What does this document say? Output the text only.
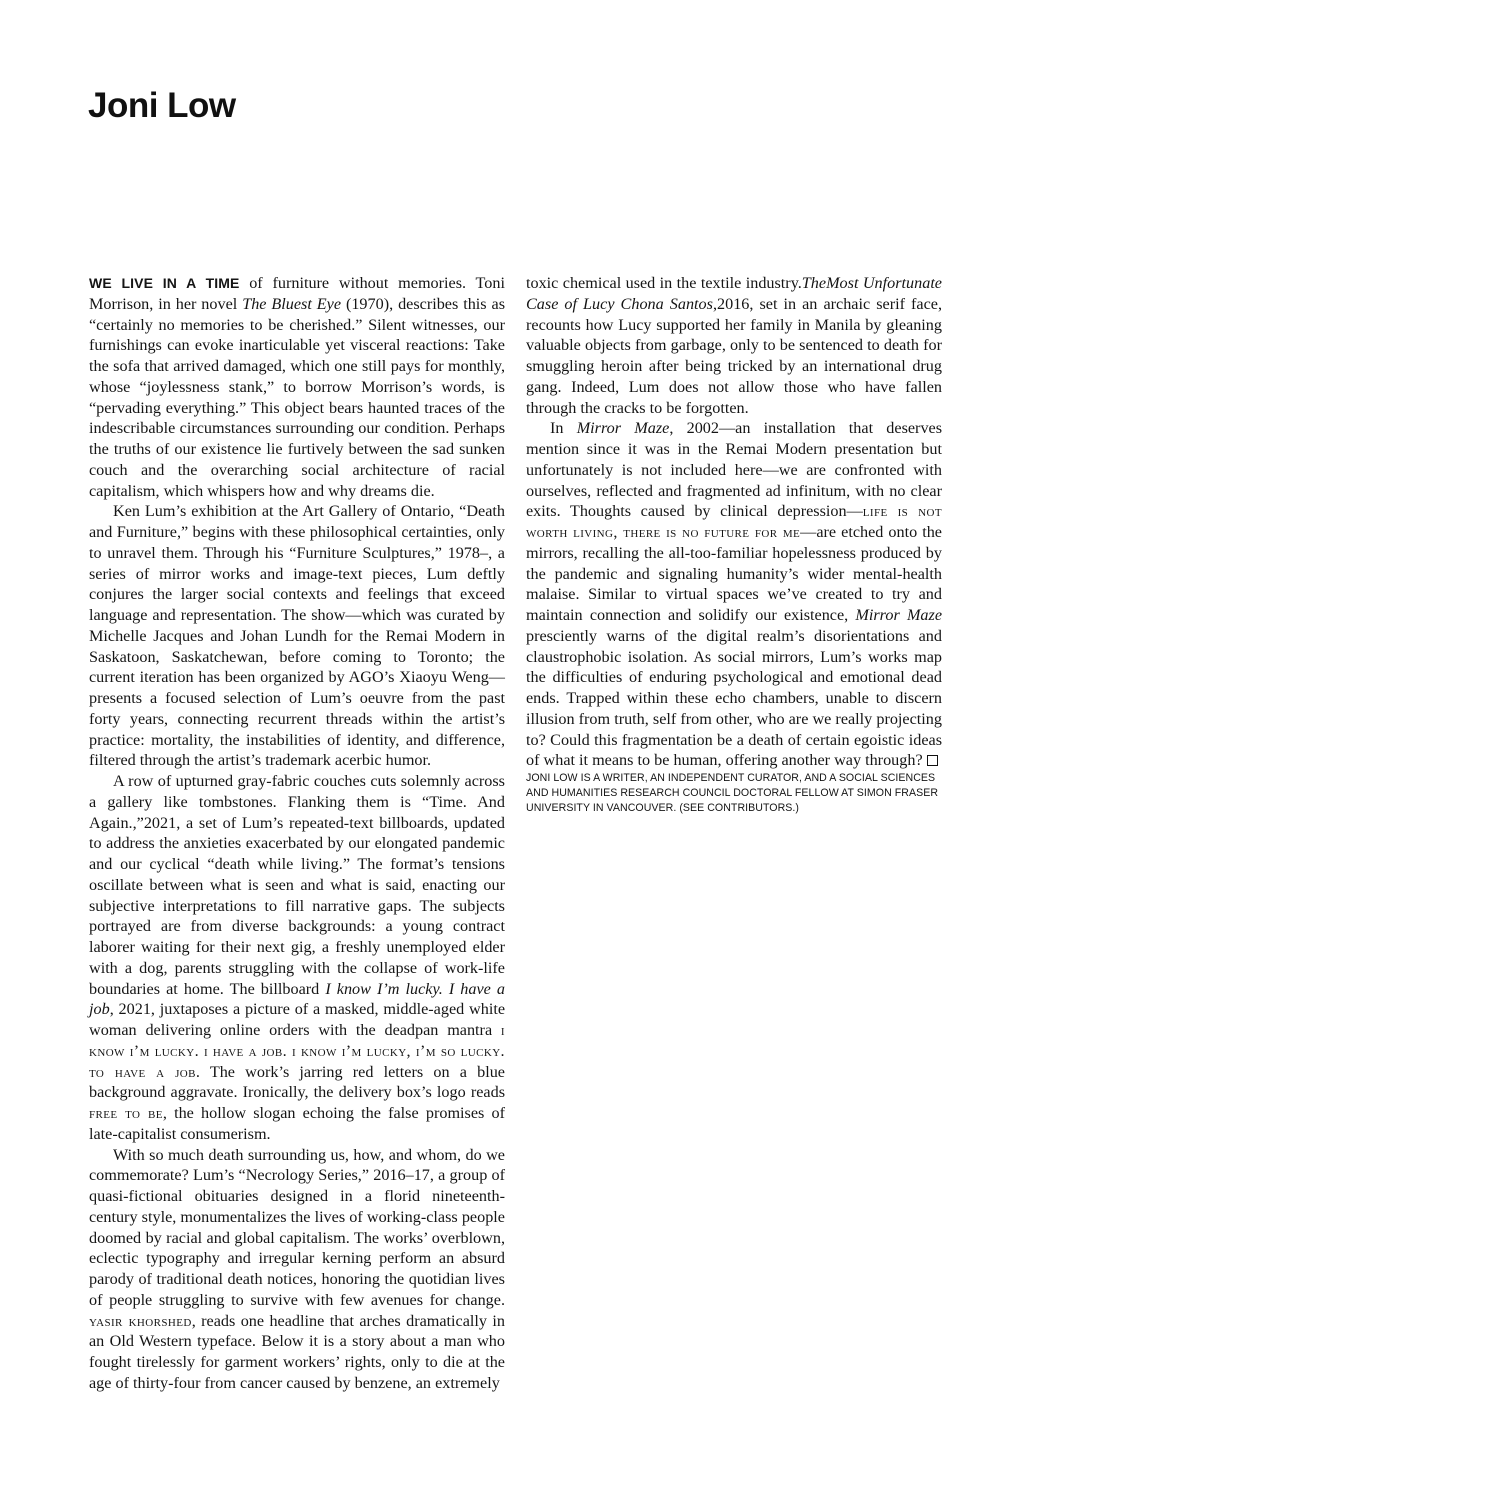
Joni Low

WE LIVE IN A TIME of furniture without memories. Toni Morrison, in her novel The Bluest Eye (1970), describes this as “certainly no memories to be cherished.” Silent witnesses, our furnishings can evoke inarticulable yet visceral reactions: Take the sofa that arrived damaged, which one still pays for monthly, whose “joylessness stank,” to borrow Morrison’s words, is “pervading everything.” This object bears haunted traces of the indescribable circumstances surrounding our condition. Perhaps the truths of our existence lie furtively between the sad sunken couch and the overarching social architecture of racial capitalism, which whispers how and why dreams die.

Ken Lum’s exhibition at the Art Gallery of Ontario, “Death and Furniture,” begins with these philosophical certainties, only to unravel them. Through his “Furniture Sculptures,” 1978–, a series of mirror works and image-text pieces, Lum deftly conjures the larger social contexts and feelings that exceed language and representation. The show—which was curated by Michelle Jacques and Johan Lundh for the Remai Modern in Saskatoon, Saskatchewan, before coming to Toronto; the current iteration has been organized by AGO’s Xiaoyu Weng—presents a focused selection of Lum’s oeuvre from the past forty years, connecting recurrent threads within the artist’s practice: mortality, the instabilities of identity, and difference, filtered through the artist’s trademark acerbic humor.

A row of upturned gray-fabric couches cuts solemnly across a gallery like tombstones. Flanking them is “Time. And Again.,”2021, a set of Lum’s repeated-text billboards, updated to address the anxieties exacerbated by our elongated pandemic and our cyclical “death while living.” The format’s tensions oscillate between what is seen and what is said, enacting our subjective interpretations to fill narrative gaps. The subjects portrayed are from diverse backgrounds: a young contract laborer waiting for their next gig, a freshly unemployed elder with a dog, parents struggling with the collapse of work-life boundaries at home. The billboard I know I’m lucky. I have a job, 2021, juxtaposes a picture of a masked, middle-aged white woman delivering online orders with the deadpan mantra i know i’m lucky. i have a job. i know i’m lucky, i’m so lucky. to have a job. The work’s jarring red letters on a blue background aggravate. Ironically, the delivery box’s logo reads free to be, the hollow slogan echoing the false promises of late-capitalist consumerism.

With so much death surrounding us, how, and whom, do we commemorate? Lum’s “Necrology Series,” 2016–17, a group of quasi-fictional obituaries designed in a florid nineteenth-century style, monumentalizes the lives of working-class people doomed by racial and global capitalism. The works’ overblown, eclectic typography and irregular kerning perform an absurd parody of traditional death notices, honoring the quotidian lives of people struggling to survive with few avenues for change. yasir khorshed, reads one headline that arches dramatically in an Old Western typeface. Below it is a story about a man who fought tirelessly for garment workers’ rights, only to die at the age of thirty-four from cancer caused by benzene, an extremely

toxic chemical used in the textile industry.TheMost Unfortunate Case of Lucy Chona Santos,2016, set in an archaic serif face, recounts how Lucy supported her family in Manila by gleaning valuable objects from garbage, only to be sentenced to death for smuggling heroin after being tricked by an international drug gang. Indeed, Lum does not allow those who have fallen through the cracks to be forgotten.

In Mirror Maze, 2002—an installation that deserves mention since it was in the Remai Modern presentation but unfortunately is not included here—we are confronted with ourselves, reflected and fragmented ad infinitum, with no clear exits. Thoughts caused by clinical depression—life is not worth living, there is no future for me—are etched onto the mirrors, recalling the all-too-familiar hopelessness produced by the pandemic and signaling humanity’s wider mental-health malaise. Similar to virtual spaces we’ve created to try and maintain connection and solidify our existence, Mirror Maze presciently warns of the digital realm’s disorientations and claustrophobic isolation. As social mirrors, Lum’s works map the difficulties of enduring psychological and emotional dead ends. Trapped within these echo chambers, unable to discern illusion from truth, self from other, who are we really projecting to? Could this fragmentation be a death of certain egoistic ideas of what it means to be human, offering another way through?

JONI LOW IS A WRITER, AN INDEPENDENT CURATOR, AND A SOCIAL SCIENCES AND HUMANITIES RESEARCH COUNCIL DOCTORAL FELLOW AT SIMON FRASER UNIVERSITY IN VANCOUVER. (SEE CONTRIBUTORS.)
